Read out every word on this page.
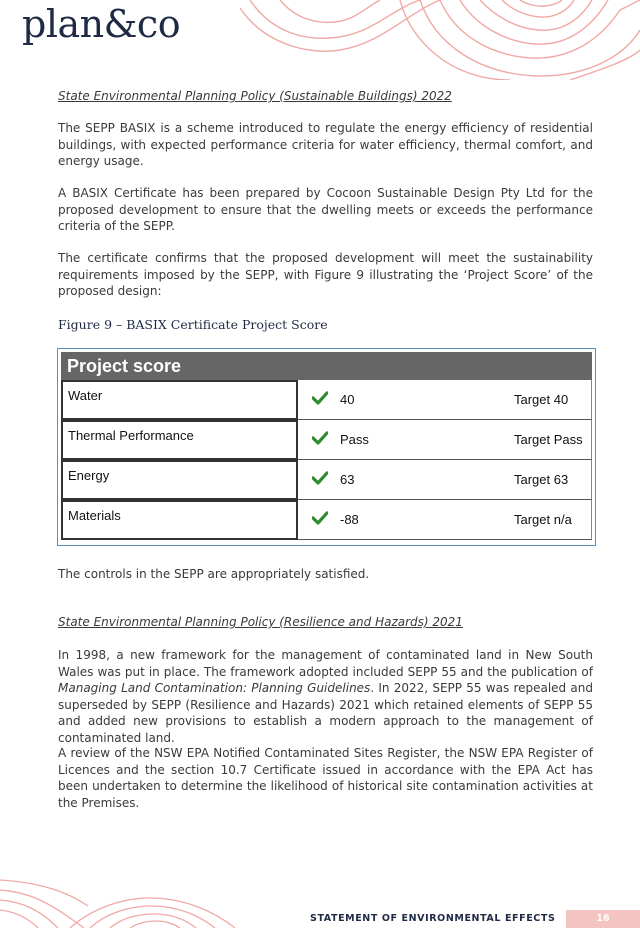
plan&co

State Environmental Planning Policy (Sustainable Buildings) 2022

The SEPP BASIX is a scheme introduced to regulate the energy efficiency of residential buildings, with expected performance criteria for water efficiency, thermal comfort, and energy usage.

A BASIX Certificate has been prepared by Cocoon Sustainable Design Pty Ltd for the proposed development to ensure that the dwelling meets or exceeds the performance criteria of the SEPP.

The certificate confirms that the proposed development will meet the sustainability requirements imposed by the SEPP, with Figure 9 illustrating the ‘Project Score’ of the proposed design:

Figure 9 – BASIX Certificate Project Score
Project score
Water	40	Target 40
Thermal Performance	Pass	Target Pass
Energy	63	Target 63
Materials	-88	Target n/a

The controls in the SEPP are appropriately satisfied.

State Environmental Planning Policy (Resilience and Hazards) 2021

In 1998, a new framework for the management of contaminated land in New South Wales was put in place. The framework adopted included SEPP 55 and the publication of Managing Land Contamination: Planning Guidelines. In 2022, SEPP 55 was repealed and superseded by SEPP (Resilience and Hazards) 2021 which retained elements of SEPP 55 and added new provisions to establish a modern approach to the management of contaminated land.

A review of the NSW EPA Notified Contaminated Sites Register, the NSW EPA Register of Licences and the section 10.7 Certificate issued in accordance with the EPA Act has been undertaken to determine the likelihood of historical site contamination activities at the Premises.

STATEMENT OF ENVIRONMENTAL EFFECTS	16
